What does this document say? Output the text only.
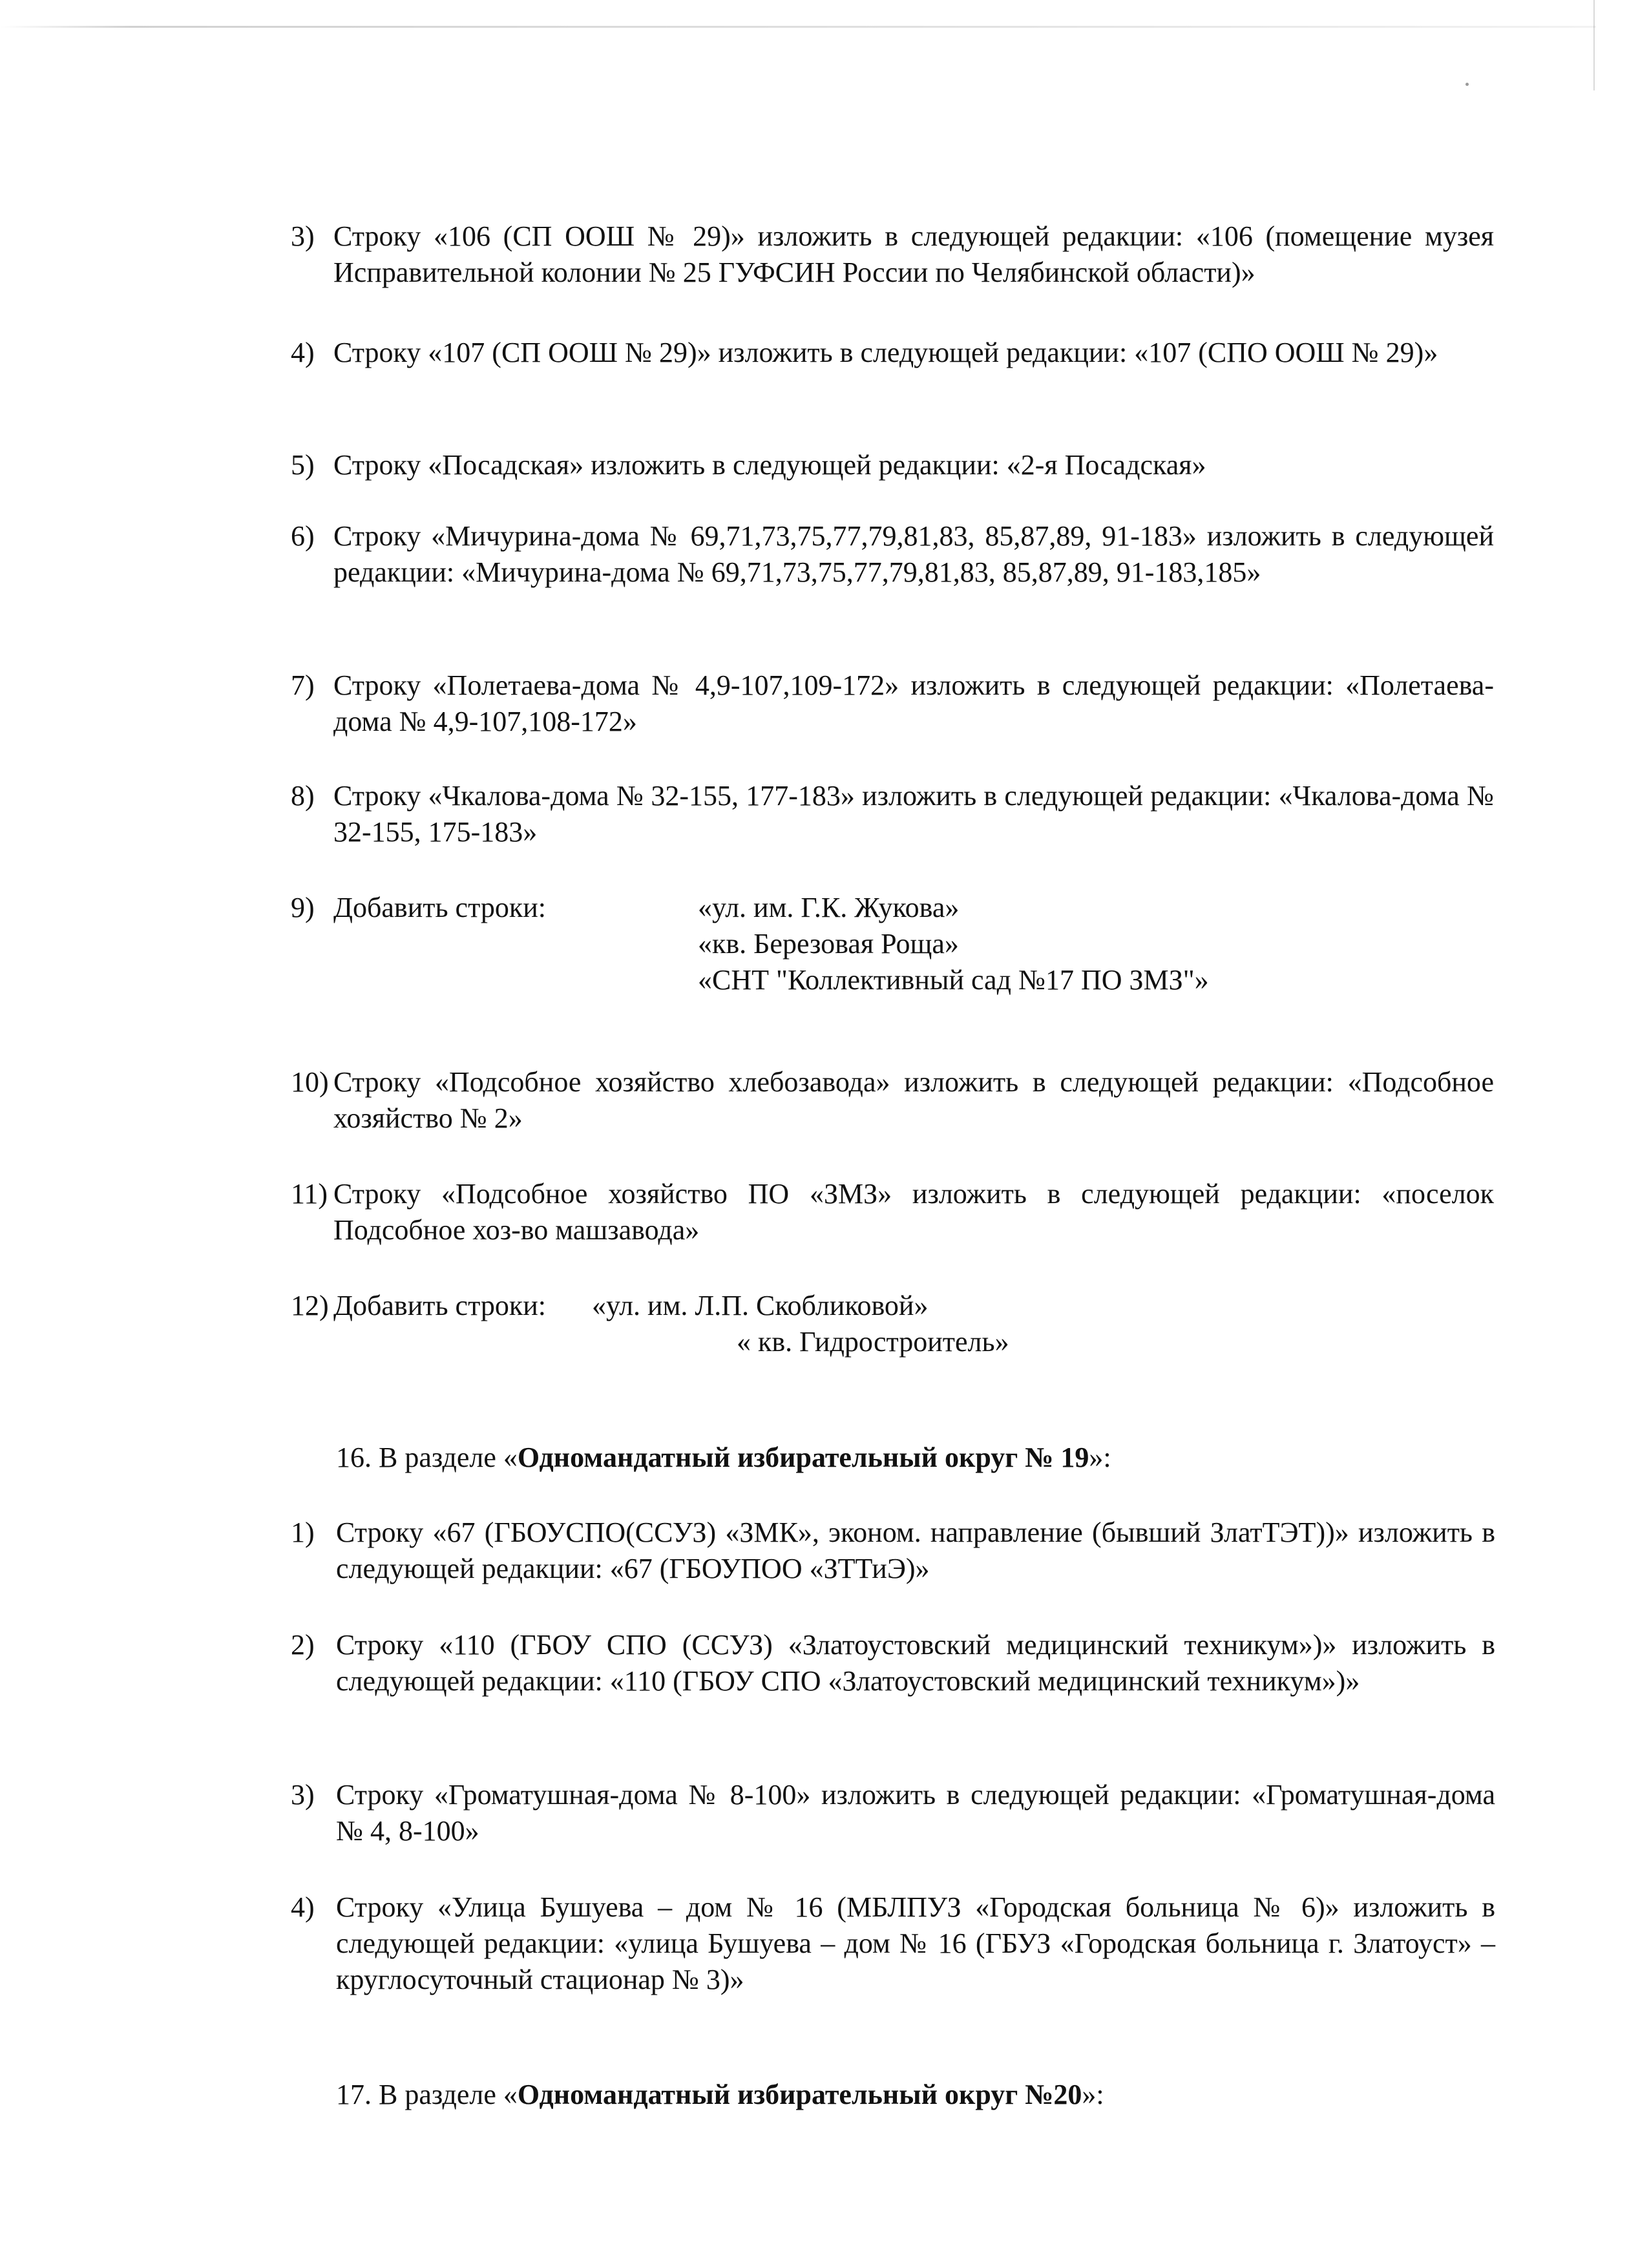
3) Строку «106 (СП ООШ № 29)» изложить в следующей редакции: «106 (помещение музея Исправительной колонии № 25 ГУФСИН России по Челябинской области)»
4) Строку «107 (СП ООШ № 29)» изложить в следующей редакции: «107 (СПО ООШ № 29)»
5) Строку «Посадская» изложить в следующей редакции: «2-я Посадская»
6) Строку «Мичурина-дома № 69,71,73,75,77,79,81,83, 85,87,89, 91-183» изложить в следующей редакции: «Мичурина-дома № 69,71,73,75,77,79,81,83, 85,87,89, 91-183,185»
7) Строку «Полетаева-дома № 4,9-107,109-172» изложить в следующей редакции: «Полетаева-дома № 4,9-107,108-172»
8) Строку «Чкалова-дома № 32-155, 177-183» изложить в следующей редакции: «Чкалова-дома № 32-155, 175-183»
9) Добавить строки:	«ул. им. Г.К. Жукова»
«кв. Березовая Роща»
«СНТ "Коллективный сад №17 ПО ЗМЗ"»
10) Строку «Подсобное хозяйство хлебозавода» изложить в следующей редакции: «Подсобное хозяйство № 2»
11) Строку «Подсобное хозяйство ПО «ЗМЗ» изложить в следующей редакции: «поселок Подсобное хоз-во машзавода»
12) Добавить строки: «ул. им. Л.П. Скобликовой»
« кв. Гидростроитель»
16. В разделе «Одномандатный избирательный округ № 19»:
1) Строку «67 (ГБОУСПО(ССУЗ) «ЗМК», эконом. направление (бывший ЗлатТЭТ))» изложить в следующей редакции: «67 (ГБОУПОО «ЗТТиЭ)»
2) Строку «110 (ГБОУ СПО (ССУЗ) «Златоустовский медицинский техникум»)» изложить в следующей редакции: «110 (ГБОУ СПО «Златоустовский медицинский техникум»)»
3) Строку «Громатушная-дома № 8-100» изложить в следующей редакции: «Громатушная-дома № 4, 8-100»
4) Строку «Улица Бушуева – дом № 16 (МБЛПУЗ «Городская больница № 6)» изложить в следующей редакции: «улица Бушуева – дом № 16 (ГБУЗ «Городская больница г. Златоуст» – круглосуточный стационар № 3)»
17. В разделе «Одномандатный избирательный округ №20»:
